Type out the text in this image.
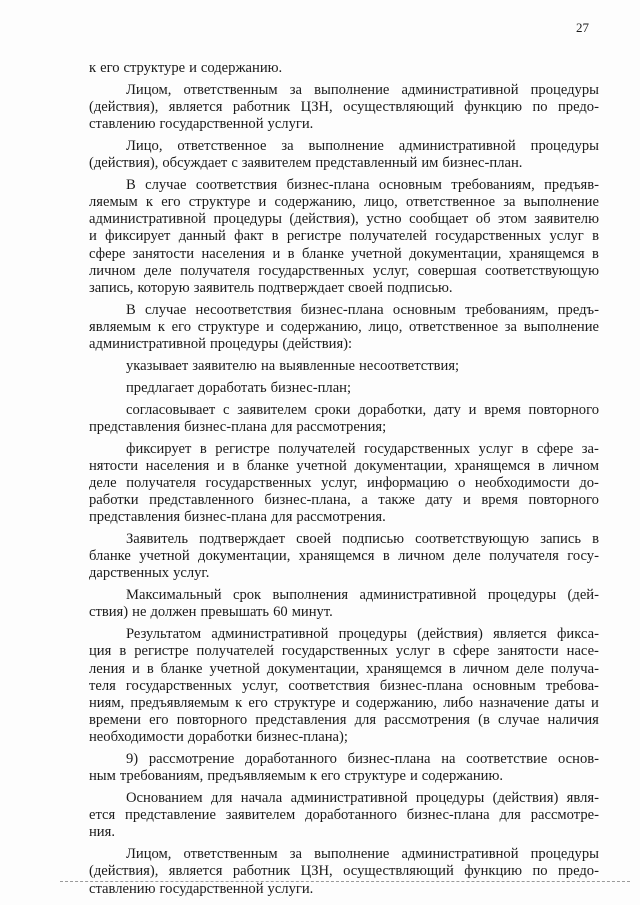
27
к его структуре и содержанию.
Лицом, ответственным за выполнение административной процедуры
(действия), является работник ЦЗН, осуществляющий функцию по предо-
ставлению государственной услуги.
Лицо, ответственное за выполнение административной процедуры
(действия), обсуждает с заявителем представленный им бизнес-план.
В случае соответствия бизнес-плана основным требованиям, предъяв-
ляемым к его структуре и содержанию, лицо, ответственное за выполнение
административной процедуры (действия), устно сообщает об этом заявителю
и фиксирует данный факт в регистре получателей государственных услуг в
сфере занятости населения и в бланке учетной документации, хранящемся в
личном деле получателя государственных услуг, совершая соответствующую
запись, которую заявитель подтверждает своей подписью.
В случае несоответствия бизнес-плана основным требованиям, предъ-
являемым к его структуре и содержанию, лицо, ответственное за выполнение
административной процедуры (действия):
указывает заявителю на выявленные несоответствия;
предлагает доработать бизнес-план;
согласовывает с заявителем сроки доработки, дату и время повторного
представления бизнес-плана для рассмотрения;
фиксирует в регистре получателей государственных услуг в сфере за-
нятости населения и в бланке учетной документации, хранящемся в личном
деле получателя государственных услуг, информацию о необходимости до-
работки представленного бизнес-плана, а также дату и время повторного
представления бизнес-плана для рассмотрения.
Заявитель подтверждает своей подписью соответствующую запись в
бланке учетной документации, хранящемся в личном деле получателя госу-
дарственных услуг.
Максимальный срок выполнения административной процедуры (дей-
ствия) не должен превышать 60 минут.
Результатом административной процедуры (действия) является фикса-
ция в регистре получателей государственных услуг в сфере занятости насе-
ления и в бланке учетной документации, хранящемся в личном деле получа-
теля государственных услуг, соответствия бизнес-плана основным требова-
ниям, предъявляемым к его структуре и содержанию, либо назначение даты и
времени его повторного представления для рассмотрения (в случае наличия
необходимости доработки бизнес-плана);
9) рассмотрение доработанного бизнес-плана на соответствие основ-
ным требованиям, предъявляемым к его структуре и содержанию.
Основанием для начала административной процедуры (действия) явля-
ется представление заявителем доработанного бизнес-плана для рассмотре-
ния.
Лицом, ответственным за выполнение административной процедуры
(действия), является работник ЦЗН, осуществляющий функцию по предо-
ставлению государственной услуги.
